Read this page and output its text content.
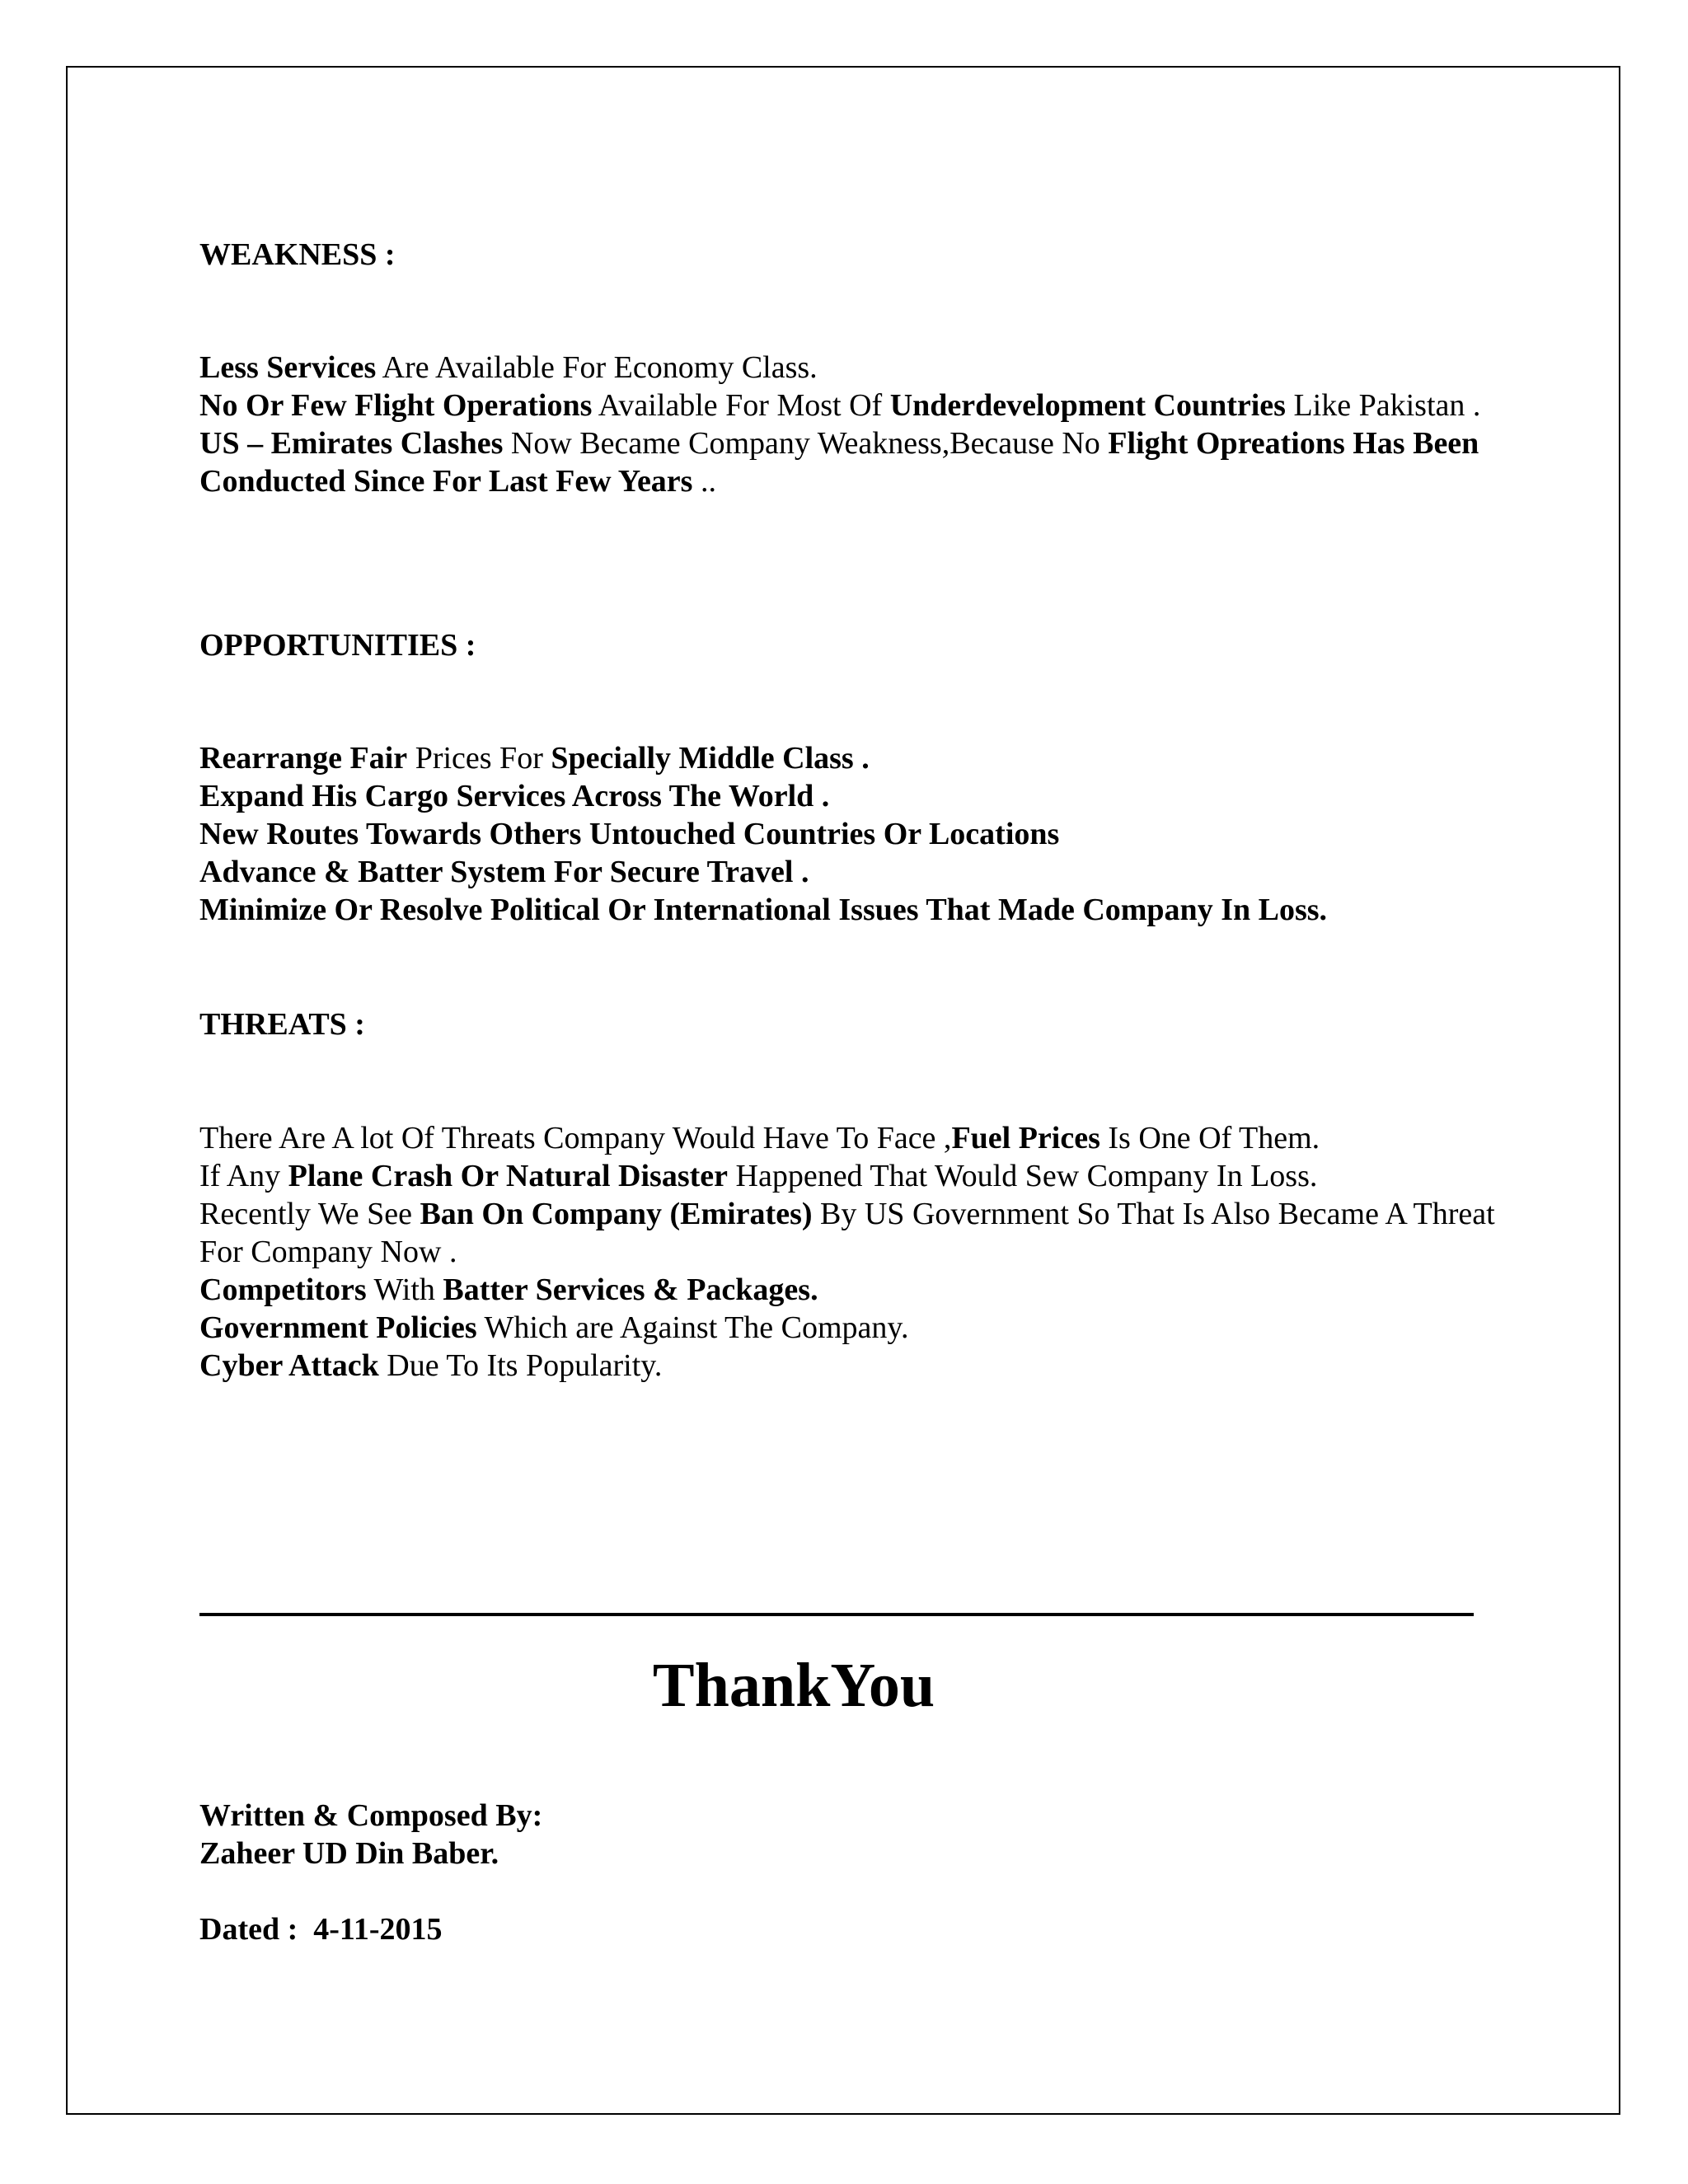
WEAKNESS :

Less Services Are Available For Economy Class.

No Or Few Flight Operations Available For Most Of Underdevelopment Countries Like Pakistan .

US – Emirates Clashes Now Became Company Weakness,Because No Flight Opreations Has Been Conducted Since For Last Few Years ..

OPPORTUNITIES :

Rearrange Fair Prices For Specially Middle Class .

Expand His Cargo Services Across The World .

New Routes Towards Others Untouched Countries Or Locations

Advance & Batter System For Secure Travel .

Minimize Or Resolve Political Or International Issues That Made Company In Loss.

THREATS :

There Are A lot Of Threats Company Would Have To Face ,Fuel Prices Is One Of Them.

If Any Plane Crash Or Natural Disaster Happened That Would Sew Company In Loss.

Recently We See Ban On Company (Emirates) By US Government So That Is Also Became A Threat For Company Now .

Competitors With Batter Services & Packages.

Government Policies Which are Against The Company.

Cyber Attack Due To Its Popularity.

ThankYou
Written & Composed By:
Zaheer UD Din Baber.
Dated : 4-11-2015
